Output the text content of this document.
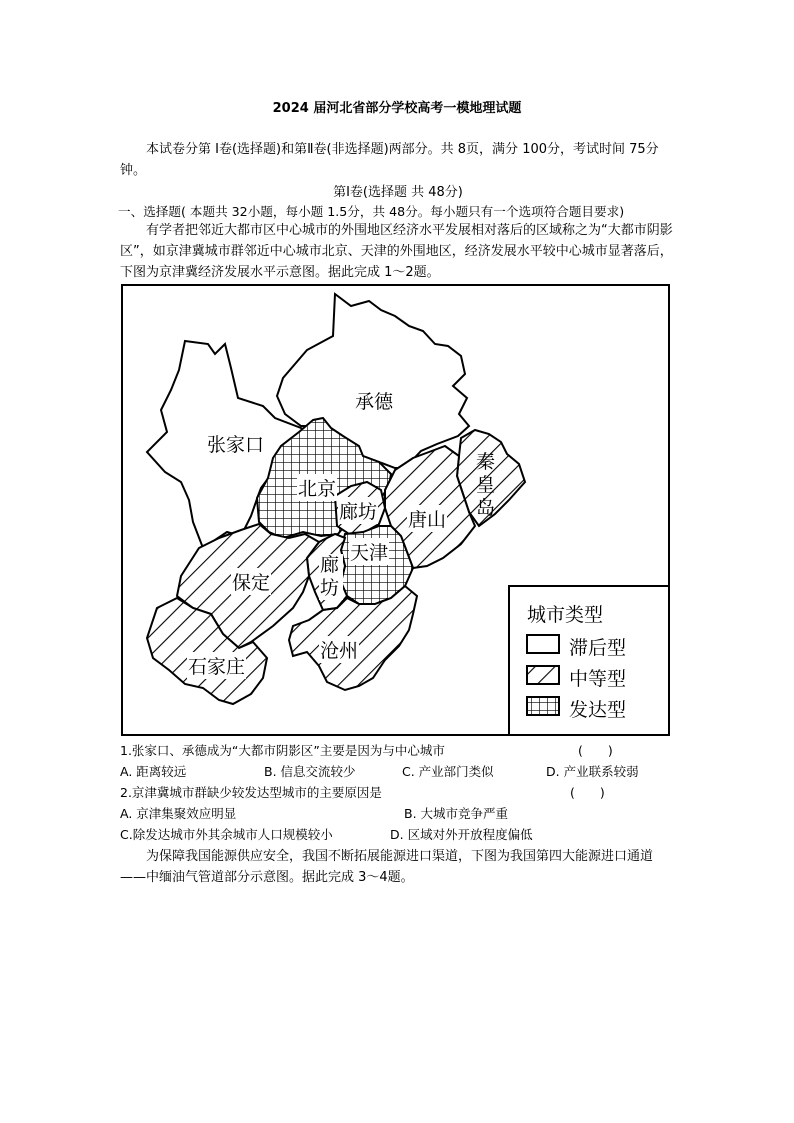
2024 届河北省部分学校高考一模地理试题
本试卷分第 Ⅰ卷(选择题)和第Ⅱ卷(非选择题)两部分。共 8页，满分 100分，考试时间 75分钟。
第Ⅰ卷(选择题 共 48分)
一、选择题( 本题共 32小题，每小题 1.5分，共 48分。每小题只有一个选项符合题目要求)
有学者把邻近大都市区中心城市的外围地区经济水平发展相对落后的区域称之为“大都市阴影区”，如京津冀城市群邻近中心城市北京、天津的外围地区，经济发展水平较中心城市显著落后，下图为京津冀经济发展水平示意图。据此完成 1～2题。
承德
张家口
北京
秦皇岛
廊坊 唐山
天津
廊坊
保定
沧州
石家庄
城市类型
滞后型
中等型
发达型
1.张家口、承德成为“大都市阴影区”主要是因为与中心城市	(　　)
A. 距离较远	B. 信息交流较少	C. 产业部门类似	D. 产业联系较弱
2.京津冀城市群缺少较发达型城市的主要原因是	(　　)
A. 京津集聚效应明显	B. 大城市竞争严重
C.除发达城市外其余城市人口规模较小	D. 区域对外开放程度偏低
为保障我国能源供应安全，我国不断拓展能源进口渠道，下图为我国第四大能源进口通道——中缅油气管道部分示意图。据此完成 3～4题。
